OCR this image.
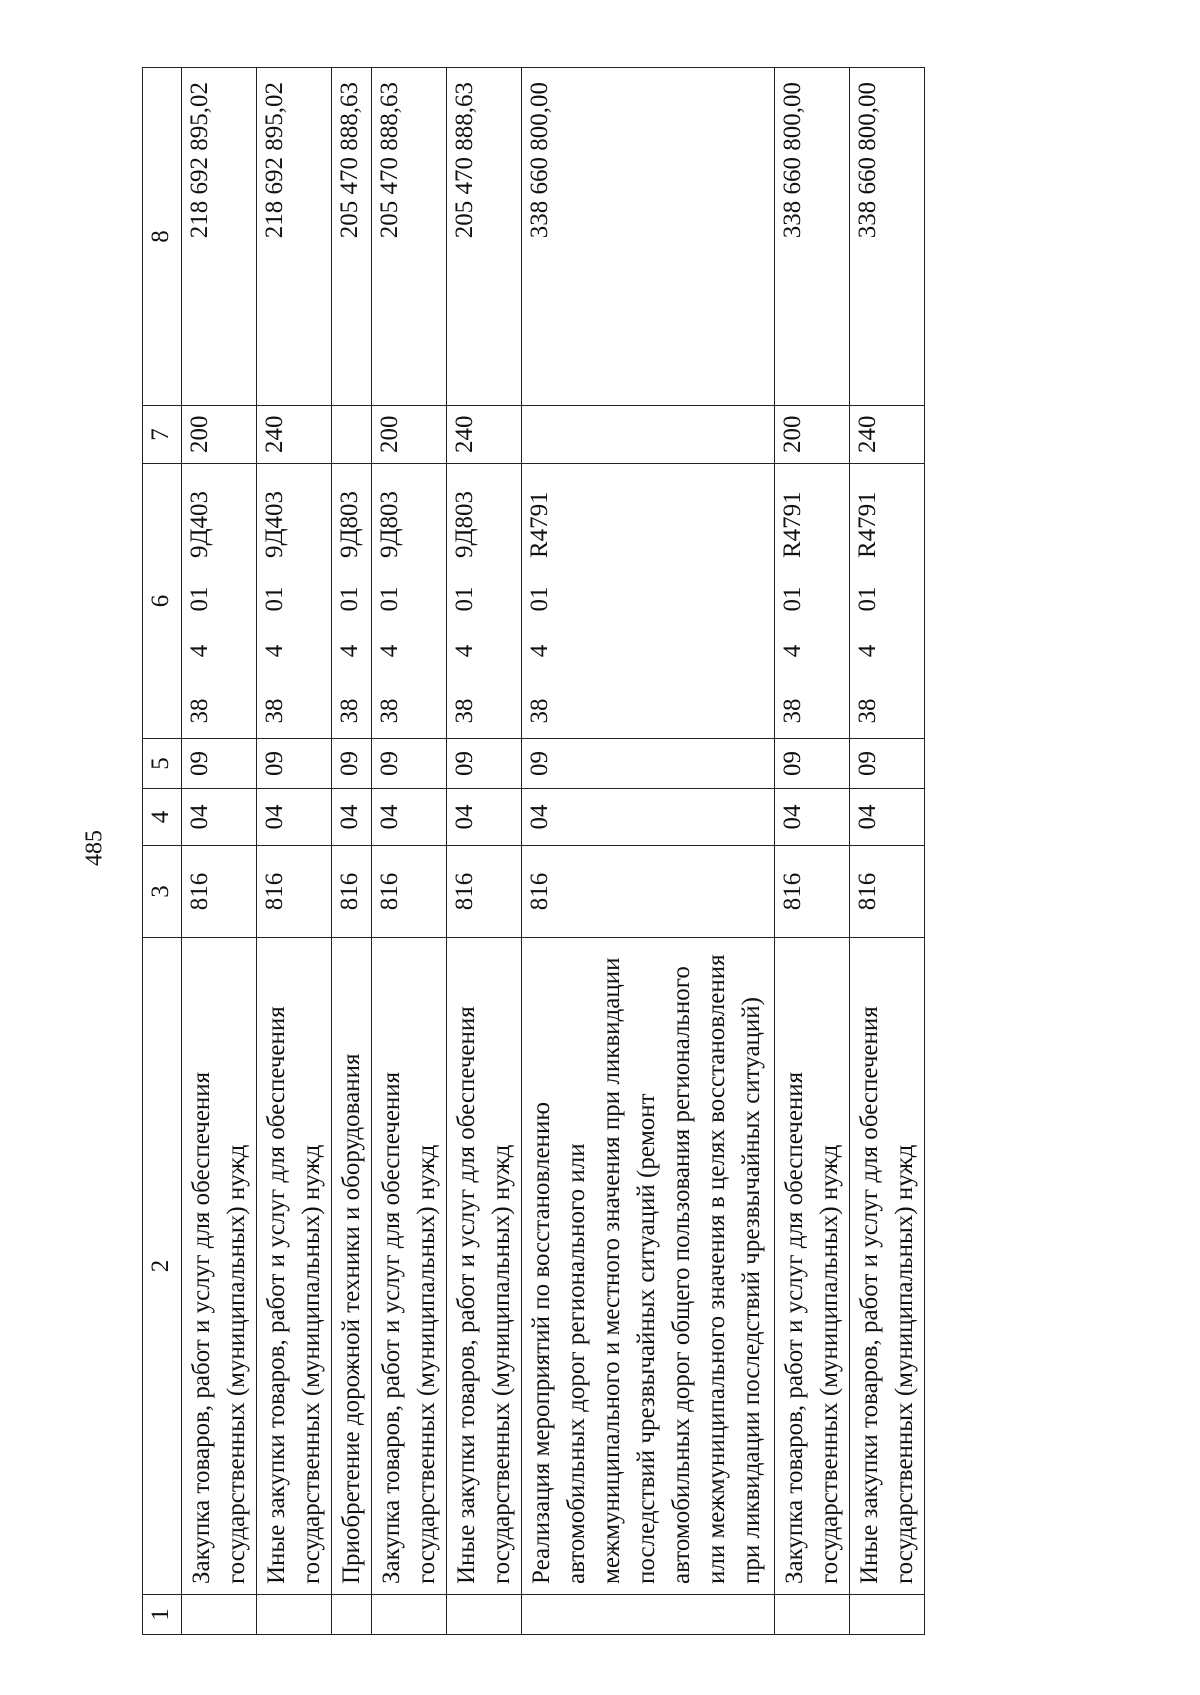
485
1	2	3	4	5	6	7	8
	Закупка товаров, работ и услуг для обеспечения государственных (муниципальных) нужд	816	04	09	384019Д403	200	218 692 895,02
	Иные закупки товаров, работ и услуг для обеспечения государственных (муниципальных) нужд	816	04	09	384019Д403	240	218 692 895,02
	Приобретение дорожной техники и оборудования	816	04	09	384019Д803		205 470 888,63
	Закупка товаров, работ и услуг для обеспечения государственных (муниципальных) нужд	816	04	09	384019Д803	200	205 470 888,63
	Иные закупки товаров, работ и услуг для обеспечения государственных (муниципальных) нужд	816	04	09	384019Д803	240	205 470 888,63
	Реализация мероприятий по восстановлению автомобильных дорог регионального или межмуниципального и местного значения при ликвидации последствий чрезвычайных ситуаций (ремонт автомобильных дорог общего пользования регионального или межмуниципального значения в целях восстановления при ликвидации последствий чрезвычайных ситуаций)	816	04	09	38401R4791		338 660 800,00
	Закупка товаров, работ и услуг для обеспечения государственных (муниципальных) нужд	816	04	09	38401R4791	200	338 660 800,00
	Иные закупки товаров, работ и услуг для обеспечения государственных (муниципальных) нужд	816	04	09	38401R4791	240	338 660 800,00
